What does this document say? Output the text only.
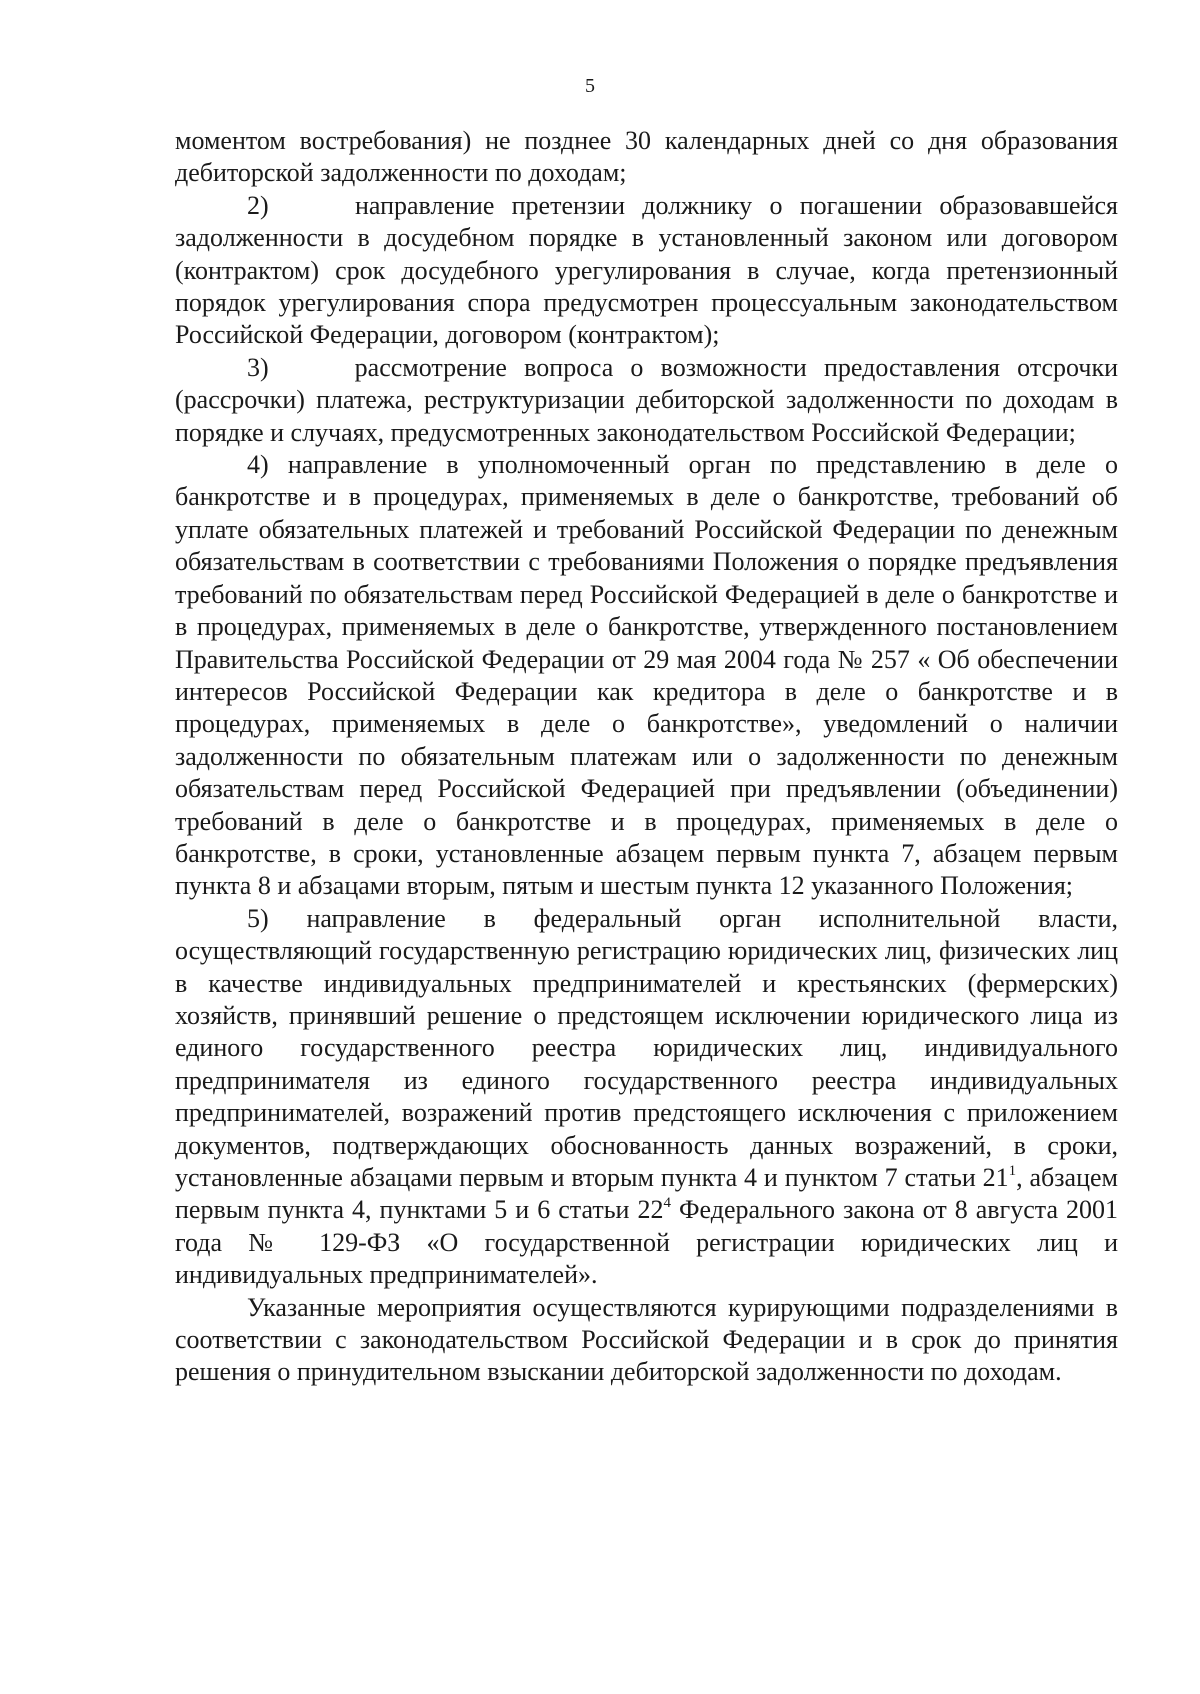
5

моментом востребования) не позднее 30 календарных дней со дня образования дебиторской задолженности по доходам;

2)     направление претензии должнику о погашении образовавшейся задолженности в досудебном порядке в установленный законом или договором (контрактом) срок досудебного урегулирования в случае, когда претензионный порядок урегулирования спора предусмотрен процессуальным законодательством Российской Федерации, договором (контрактом);

3)     рассмотрение вопроса о возможности предоставления отсрочки (рассрочки) платежа, реструктуризации дебиторской задолженности по доходам в порядке и случаях, предусмотренных законодательством Российской Федерации;

4) направление в уполномоченный орган по представлению в деле о банкротстве и в процедурах, применяемых в деле о банкротстве, требований об уплате обязательных платежей и требований Российской Федерации по денежным обязательствам в соответствии с требованиями Положения о порядке предъявления требований по обязательствам перед Российской Федерацией в деле о банкротстве и в процедурах, применяемых в деле о банкротстве, утвержденного постановлением Правительства Российской Федерации от 29 мая 2004 года № 257 « Об обеспечении интересов Российской Федерации как кредитора в деле о банкротстве и в процедурах, применяемых в деле о банкротстве», уведомлений о наличии задолженности по обязательным платежам или о задолженности по денежным обязательствам перед Российской Федерацией при предъявлении (объединении) требований в деле о банкротстве и в процедурах, применяемых в деле о банкротстве, в сроки, установленные абзацем первым пункта 7, абзацем первым пункта 8 и абзацами вторым, пятым и шестым пункта 12 указанного Положения;

5) направление в федеральный орган исполнительной власти, осуществляющий государственную регистрацию юридических лиц, физических лиц в качестве индивидуальных предпринимателей и крестьянских (фермерских) хозяйств, принявший решение о предстоящем исключении юридического лица из единого государственного реестра юридических лиц, индивидуального предпринимателя из единого государственного реестра индивидуальных предпринимателей, возражений против предстоящего исключения с приложением документов, подтверждающих обоснованность данных возражений, в сроки, установленные абзацами первым и вторым пункта 4 и пунктом 7 статьи $21^1$, абзацем первым пункта 4, пунктами 5 и 6 статьи $22^4$ Федерального закона от 8 августа 2001 года № 129-ФЗ «О государственной регистрации юридических лиц и индивидуальных предпринимателей».

Указанные мероприятия осуществляются курирующими подразделениями в соответствии с законодательством Российской Федерации и в срок до принятия решения о принудительном взыскании дебиторской задолженности по доходам.
